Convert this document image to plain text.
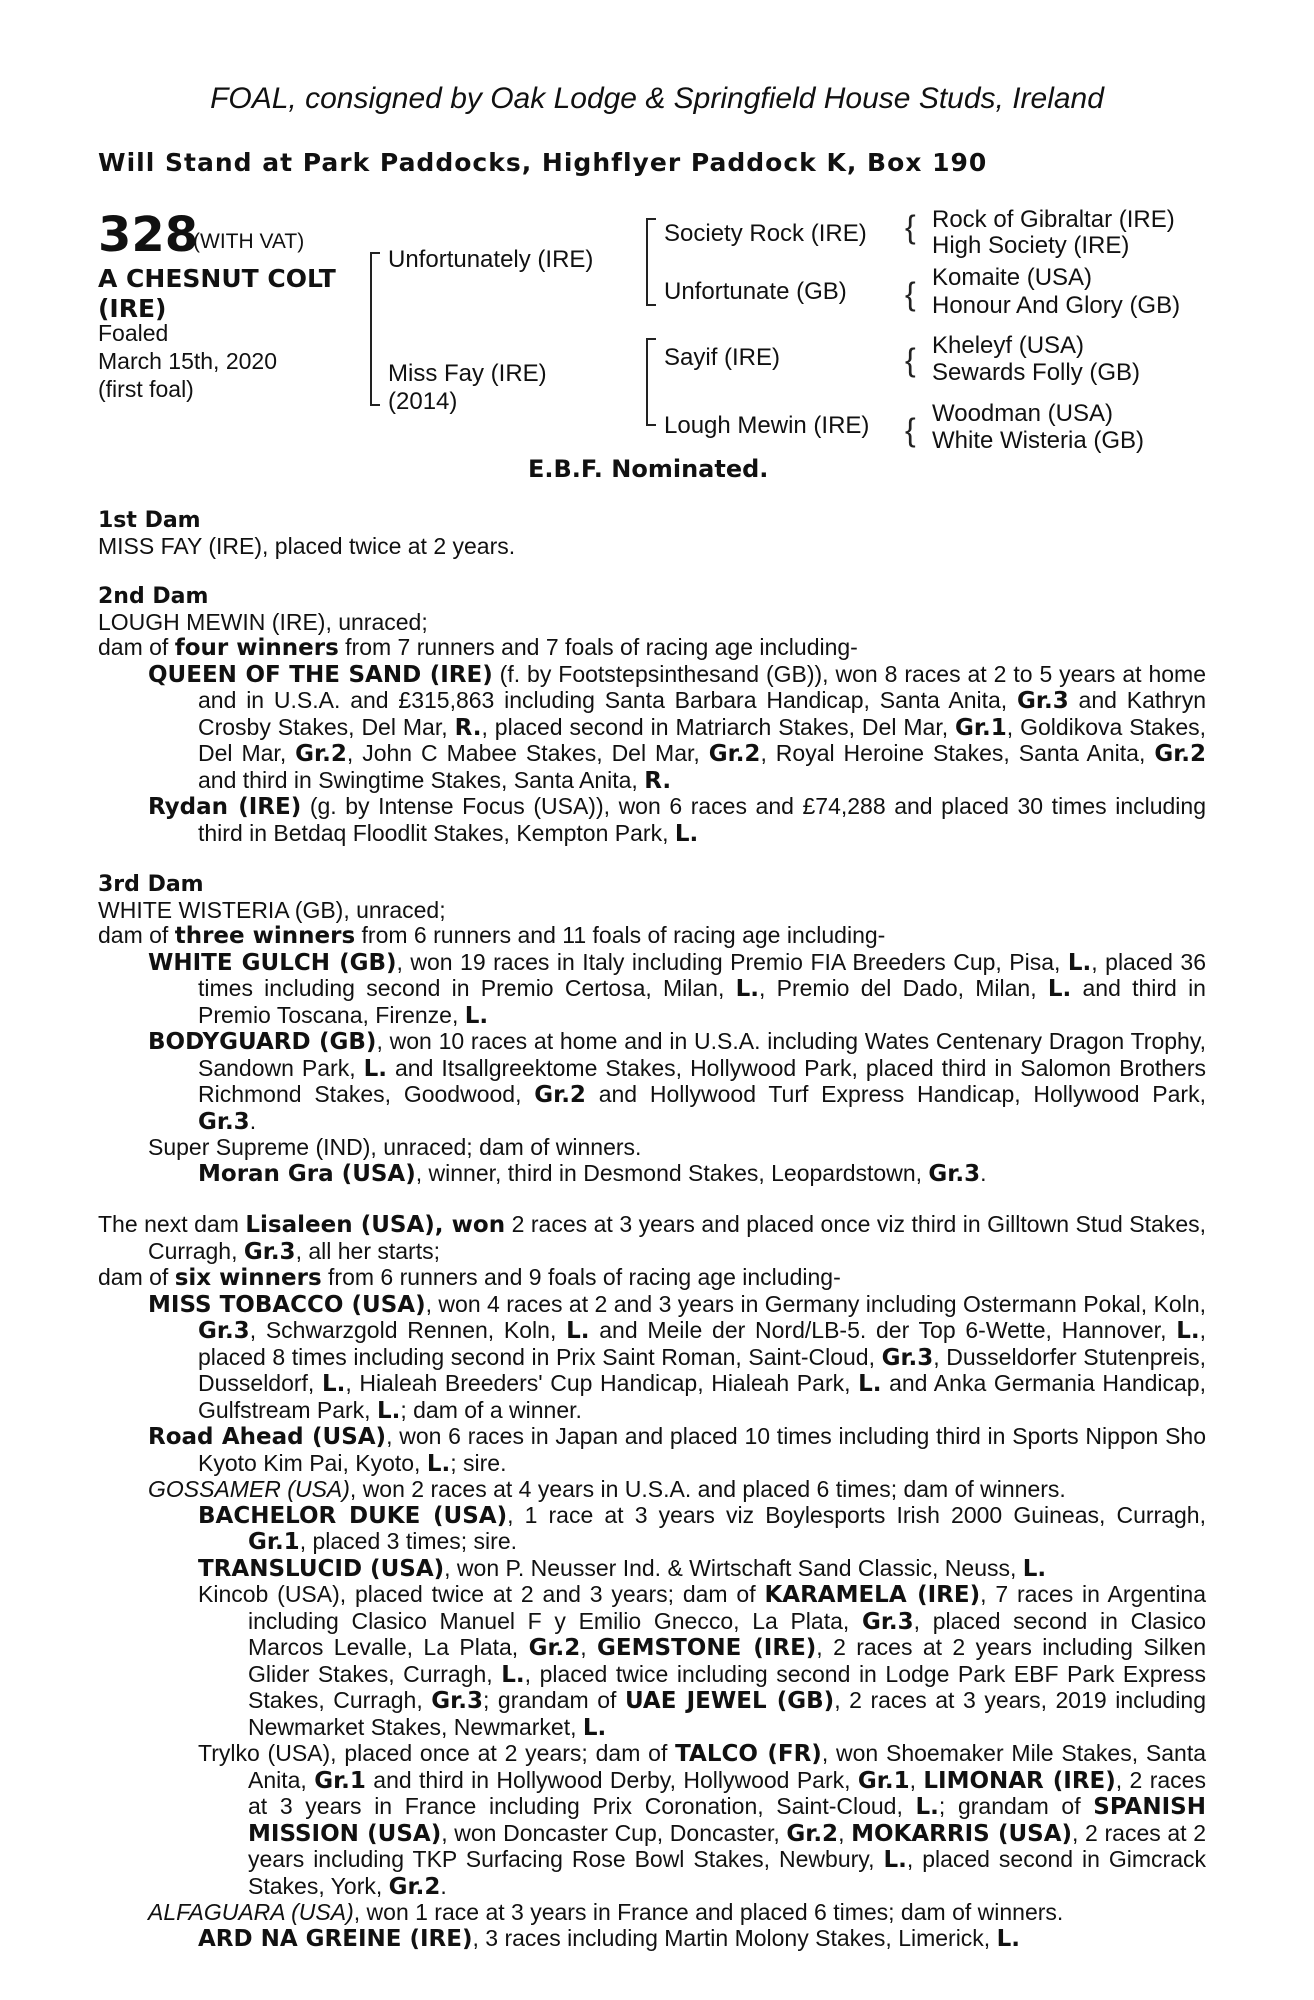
FOAL, consigned by Oak Lodge & Springfield House Studs, Ireland
Will Stand at Park Paddocks, Highflyer Paddock K, Box 190
328
(WITH VAT)
A CHESNUT COLT
(IRE)
Foaled
March 15th, 2020
(first foal)
Unfortunately (IRE)
Miss Fay (IRE)
(2014)
Society Rock (IRE)
Unfortunate (GB)
Sayif (IRE)
Lough Mewin (IRE)
{ Rock of Gibraltar (IRE)
High Society (IRE)
{ Komaite (USA)
Honour And Glory (GB)
{ Kheleyf (USA)
Sewards Folly (GB)
{ Woodman (USA)
White Wisteria (GB)
E.B.F. Nominated.
1st Dam

MISS FAY (IRE), placed twice at 2 years.

2nd Dam

LOUGH MEWIN (IRE), unraced;

dam of four winners from 7 runners and 7 foals of racing age including-

QUEEN OF THE SAND (IRE) (f. by Footstepsinthesand (GB)), won 8 races at 2 to 5 years at home and in U.S.A. and £315,863 including Santa Barbara Handicap, Santa Anita, Gr.3 and Kathryn Crosby Stakes, Del Mar, R., placed second in Matriarch Stakes, Del Mar, Gr.1, Goldikova Stakes, Del Mar, Gr.2, John C Mabee Stakes, Del Mar, Gr.2, Royal Heroine Stakes, Santa Anita, Gr.2 and third in Swingtime Stakes, Santa Anita, R.

Rydan (IRE) (g. by Intense Focus (USA)), won 6 races and £74,288 and placed 30 times including third in Betdaq Floodlit Stakes, Kempton Park, L.

3rd Dam

WHITE WISTERIA (GB), unraced;

dam of three winners from 6 runners and 11 foals of racing age including-

WHITE GULCH (GB), won 19 races in Italy including Premio FIA Breeders Cup, Pisa, L., placed 36 times including second in Premio Certosa, Milan, L., Premio del Dado, Milan, L. and third in Premio Toscana, Firenze, L.

BODYGUARD (GB), won 10 races at home and in U.S.A. including Wates Centenary Dragon Trophy, Sandown Park, L. and Itsallgreektome Stakes, Hollywood Park, placed third in Salomon Brothers Richmond Stakes, Goodwood, Gr.2 and Hollywood Turf Express Handicap, Hollywood Park, Gr.3.

Super Supreme (IND), unraced; dam of winners.

Moran Gra (USA), winner, third in Desmond Stakes, Leopardstown, Gr.3.

The next dam Lisaleen (USA), won 2 races at 3 years and placed once viz third in Gilltown Stud Stakes, Curragh, Gr.3, all her starts;

dam of six winners from 6 runners and 9 foals of racing age including-

MISS TOBACCO (USA), won 4 races at 2 and 3 years in Germany including Ostermann Pokal, Koln, Gr.3, Schwarzgold Rennen, Koln, L. and Meile der Nord/LB-5. der Top 6-Wette, Hannover, L., placed 8 times including second in Prix Saint Roman, Saint-Cloud, Gr.3, Dusseldorfer Stutenpreis, Dusseldorf, L., Hialeah Breeders' Cup Handicap, Hialeah Park, L. and Anka Germania Handicap, Gulfstream Park, L.; dam of a winner.

Road Ahead (USA), won 6 races in Japan and placed 10 times including third in Sports Nippon Sho Kyoto Kim Pai, Kyoto, L.; sire.

GOSSAMER (USA), won 2 races at 4 years in U.S.A. and placed 6 times; dam of winners.

BACHELOR DUKE (USA), 1 race at 3 years viz Boylesports Irish 2000 Guineas, Curragh, Gr.1, placed 3 times; sire.

TRANSLUCID (USA), won P. Neusser Ind. & Wirtschaft Sand Classic, Neuss, L.

Kincob (USA), placed twice at 2 and 3 years; dam of KARAMELA (IRE), 7 races in Argentina including Clasico Manuel F y Emilio Gnecco, La Plata, Gr.3, placed second in Clasico Marcos Levalle, La Plata, Gr.2, GEMSTONE (IRE), 2 races at 2 years including Silken Glider Stakes, Curragh, L., placed twice including second in Lodge Park EBF Park Express Stakes, Curragh, Gr.3; grandam of UAE JEWEL (GB), 2 races at 3 years, 2019 including Newmarket Stakes, Newmarket, L.

Trylko (USA), placed once at 2 years; dam of TALCO (FR), won Shoemaker Mile Stakes, Santa Anita, Gr.1 and third in Hollywood Derby, Hollywood Park, Gr.1, LIMONAR (IRE), 2 races at 3 years in France including Prix Coronation, Saint-Cloud, L.; grandam of SPANISH MISSION (USA), won Doncaster Cup, Doncaster, Gr.2, MOKARRIS (USA), 2 races at 2 years including TKP Surfacing Rose Bowl Stakes, Newbury, L., placed second in Gimcrack Stakes, York, Gr.2.

ALFAGUARA (USA), won 1 race at 3 years in France and placed 6 times; dam of winners.

ARD NA GREINE (IRE), 3 races including Martin Molony Stakes, Limerick, L.
